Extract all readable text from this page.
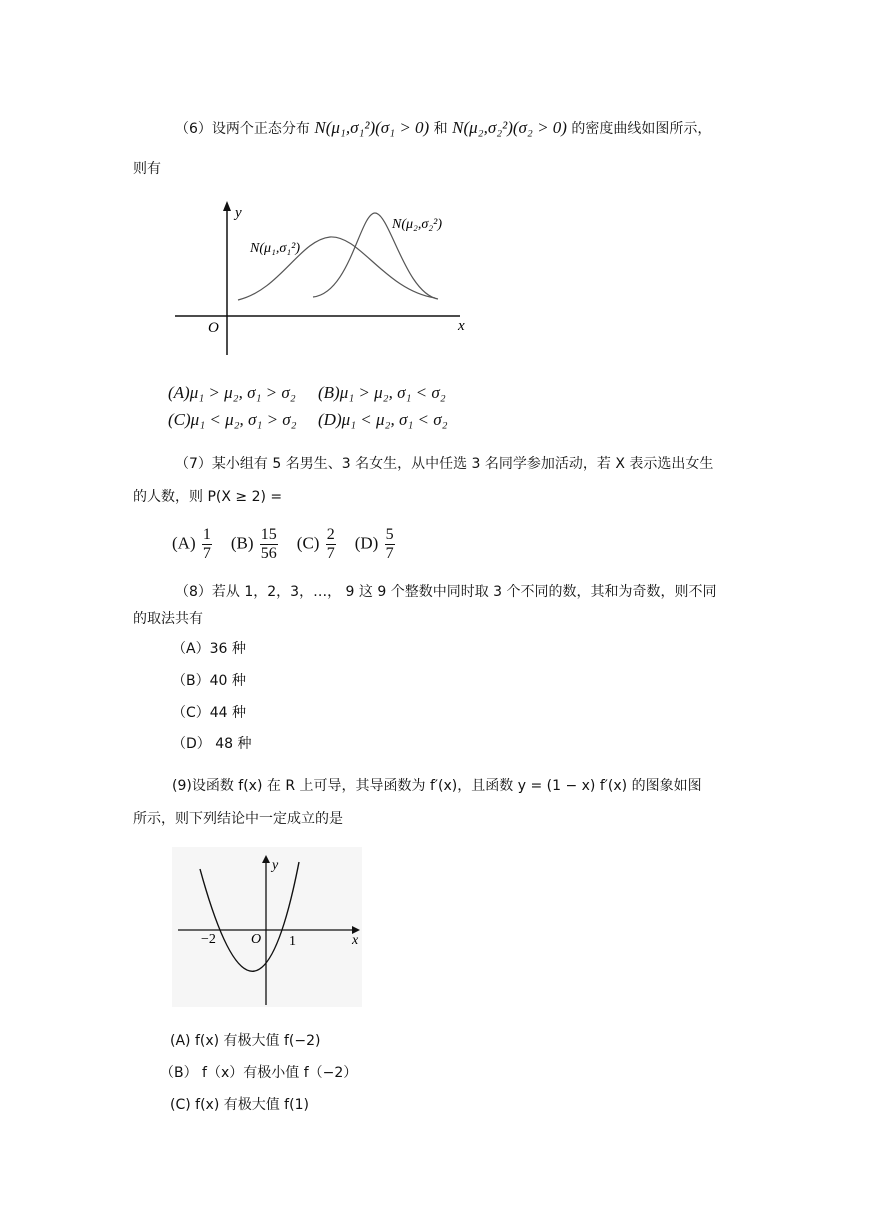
（6）设两个正态分布 N(μ₁,σ₁²)(σ₁ > 0) 和 N(μ₂,σ₂²)(σ₂ > 0) 的密度曲线如图所示，
则有
y
x
O
N(μ₁,σ₁²)
N(μ₂,σ₂²)
(A)μ₁ > μ₂, σ₁ > σ₂ (B)μ₁ > μ₂, σ₁ < σ₂
(C)μ₁ < μ₂, σ₁ > σ₂ (D)μ₁ < μ₂, σ₁ < σ₂
（7）某小组有 5 名男生、3 名女生，从中任选 3 名同学参加活动，若 X 表示选出女生
的人数，则 P(X ≥ 2) =
$(A) \frac{1}{7} (B) \frac{15}{56} (C) \frac{2}{7} (D) \frac{5}{7}$
（8）若从 1，2，3，…， 9 这 9 个整数中同时取 3 个不同的数，其和为奇数，则不同
的取法共有
（A）36 种
（B）40 种
（C）44 种
（D） 48 种
(9)设函数 f(x) 在 R 上可导，其导函数为 f′(x)，且函数 y = (1 − x) f′(x) 的图象如图
所示，则下列结论中一定成立的是
y
x
O
−2	1
(A) f(x) 有极大值 f(−2)
（B） f（x）有极小值 f（−2）
(C) f(x) 有极大值 f(1)
